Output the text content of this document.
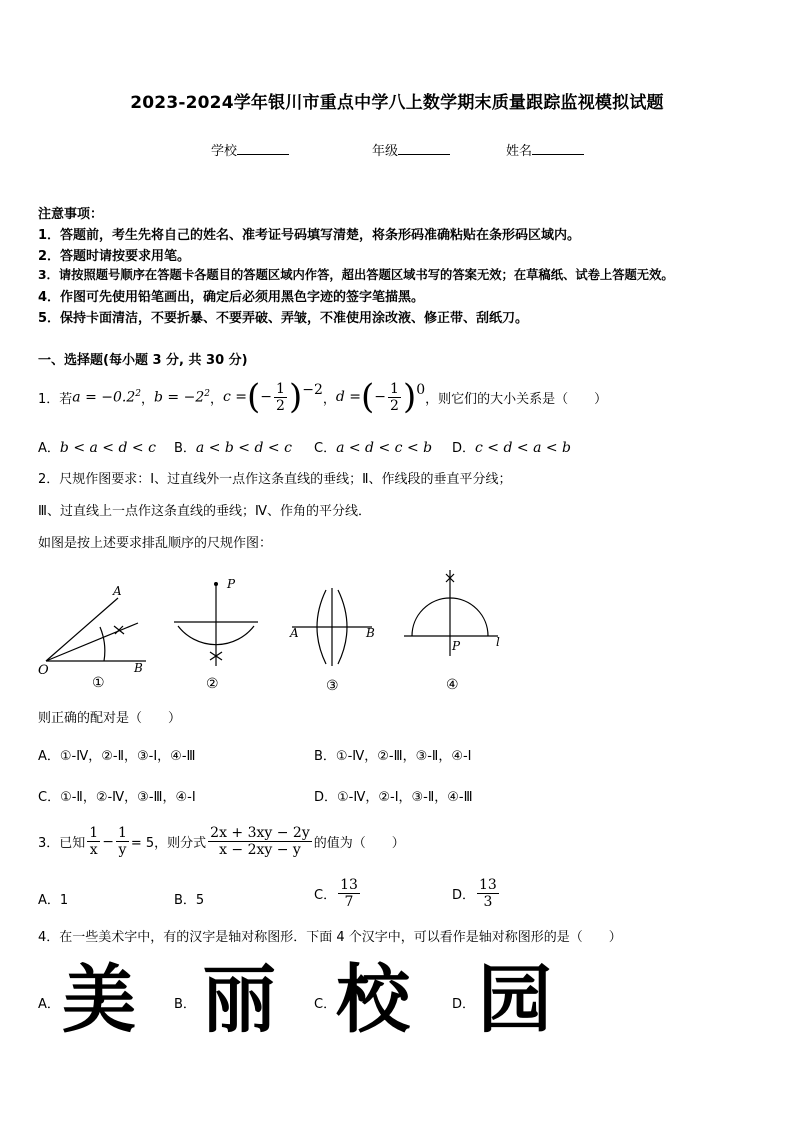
2023-2024学年银川市重点中学八上数学期末质量跟踪监视模拟试题
学校	年级	姓名
注意事项：
1．答题前，考生先将自己的姓名、准考证号码填写清楚，将条形码准确粘贴在条形码区域内。
2．答题时请按要求用笔。
3．请按照题号顺序在答题卡各题目的答题区域内作答，超出答题区域书写的答案无效；在草稿纸、试卷上答题无效。
4．作图可先使用铅笔画出，确定后必须用黑色字迹的签字笔描黑。
5．保持卡面清洁，不要折暴、不要弄破、弄皱，不准使用涂改液、修正带、刮纸刀。
一、选择题(每小题 3 分, 共 30 分)
1．若 $a = -0.2^2$ ， $b = -2^2$ ， c = ( − $\frac{1}{2}$ ) −2
， d = ( − $\frac{1}{2}$ ) 0
，则它们的大小关系是（　　）
A．b < a < d < c B．a < b < d < c C．a < d < c < b D．c < d < a < b
2．尺规作图要求：Ⅰ、过直线外一点作这条直线的垂线；Ⅱ、作线段的垂直平分线；
Ⅲ、过直线上一点作这条直线的垂线；Ⅳ、作角的平分线．
如图是按上述要求排乱顺序的尺规作图：
O
A
B
①
P
②
A	B
③
P	l
④
则正确的配对是（　　）
A．①-Ⅳ，②-Ⅱ，③-Ⅰ，④-Ⅲ	B．①-Ⅳ，②-Ⅲ，③-Ⅱ，④-Ⅰ
C．①-Ⅱ，②-Ⅳ，③-Ⅲ，④-Ⅰ	D．①-Ⅳ，②-Ⅰ，③-Ⅱ，④-Ⅲ
3．已知 $\frac{1}{x} - \frac{1}{y} = 5$，则分式 $\frac{2x + 3xy - 2y}{x - 2xy - y}$ 的值为（　　）
A．1	B．5	C． $\frac{13}{7}$	D． $\frac{13}{3}$
4．在一些美术字中，有的汉字是轴对称图形．下面 4 个汉字中，可以看作是轴对称图形的是（　　）
A． 美	B． 丽	C． 校	D． 园
